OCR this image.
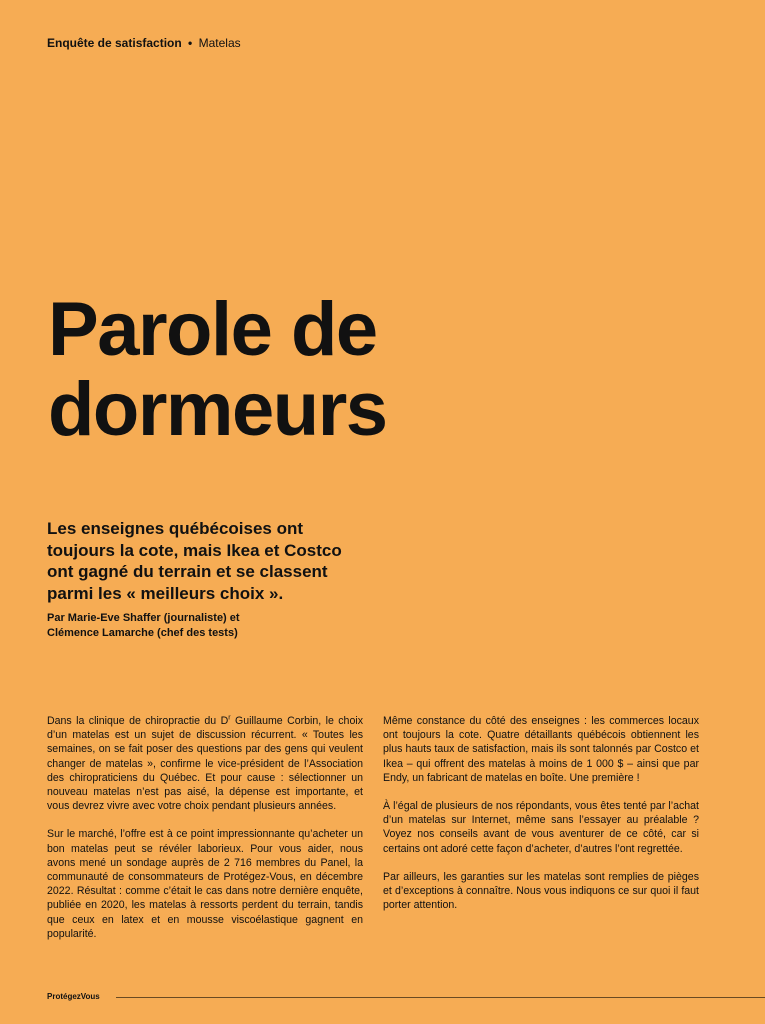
Enquête de satisfaction • Matelas
Parole de
dormeurs

Les enseignes québécoises ont toujours la cote, mais Ikea et Costco ont gagné du terrain et se classent parmi les « meilleurs choix ».

Par Marie-Eve Shaffer (journaliste) et
Clémence Lamarche (chef des tests)

Dans la clinique de chiropractie du $D^r$ Guillaume Corbin, le choix d’un matelas est un sujet de discussion récurrent. « Toutes les semaines, on se fait poser des questions par des gens qui veulent changer de matelas », confirme le vice-président de l’Association des chiropraticiens du Québec. Et pour cause : sélectionner un nouveau matelas n’est pas aisé, la dépense est importante, et vous devrez vivre avec votre choix pendant plusieurs années.

Sur le marché, l’offre est à ce point impressionnante qu’acheter un bon matelas peut se révéler laborieux. Pour vous aider, nous avons mené un sondage auprès de 2 716 membres du Panel, la communauté de consommateurs de Protégez-Vous, en décembre 2022. Résultat : comme c’était le cas dans notre dernière enquête, publiée en 2020, les matelas à ressorts perdent du terrain, tandis que ceux en latex et en mousse viscoélastique gagnent en popularité.

Même constance du côté des enseignes : les commerces locaux ont toujours la cote. Quatre détaillants québécois obtiennent les plus hauts taux de satisfaction, mais ils sont talonnés par Costco et Ikea – qui offrent des matelas à moins de 1 000 $ – ainsi que par Endy, un fabricant de matelas en boîte. Une première !

À l’égal de plusieurs de nos répondants, vous êtes tenté par l’achat d’un matelas sur Internet, même sans l’essayer au préalable ? Voyez nos conseils avant de vous aventurer de ce côté, car si certains ont adoré cette façon d’acheter, d’autres l’ont regrettée.

Par ailleurs, les garanties sur les matelas sont remplies de pièges et d’exceptions à connaître. Nous vous indiquons ce sur quoi il faut porter attention.

ProtégezVous
